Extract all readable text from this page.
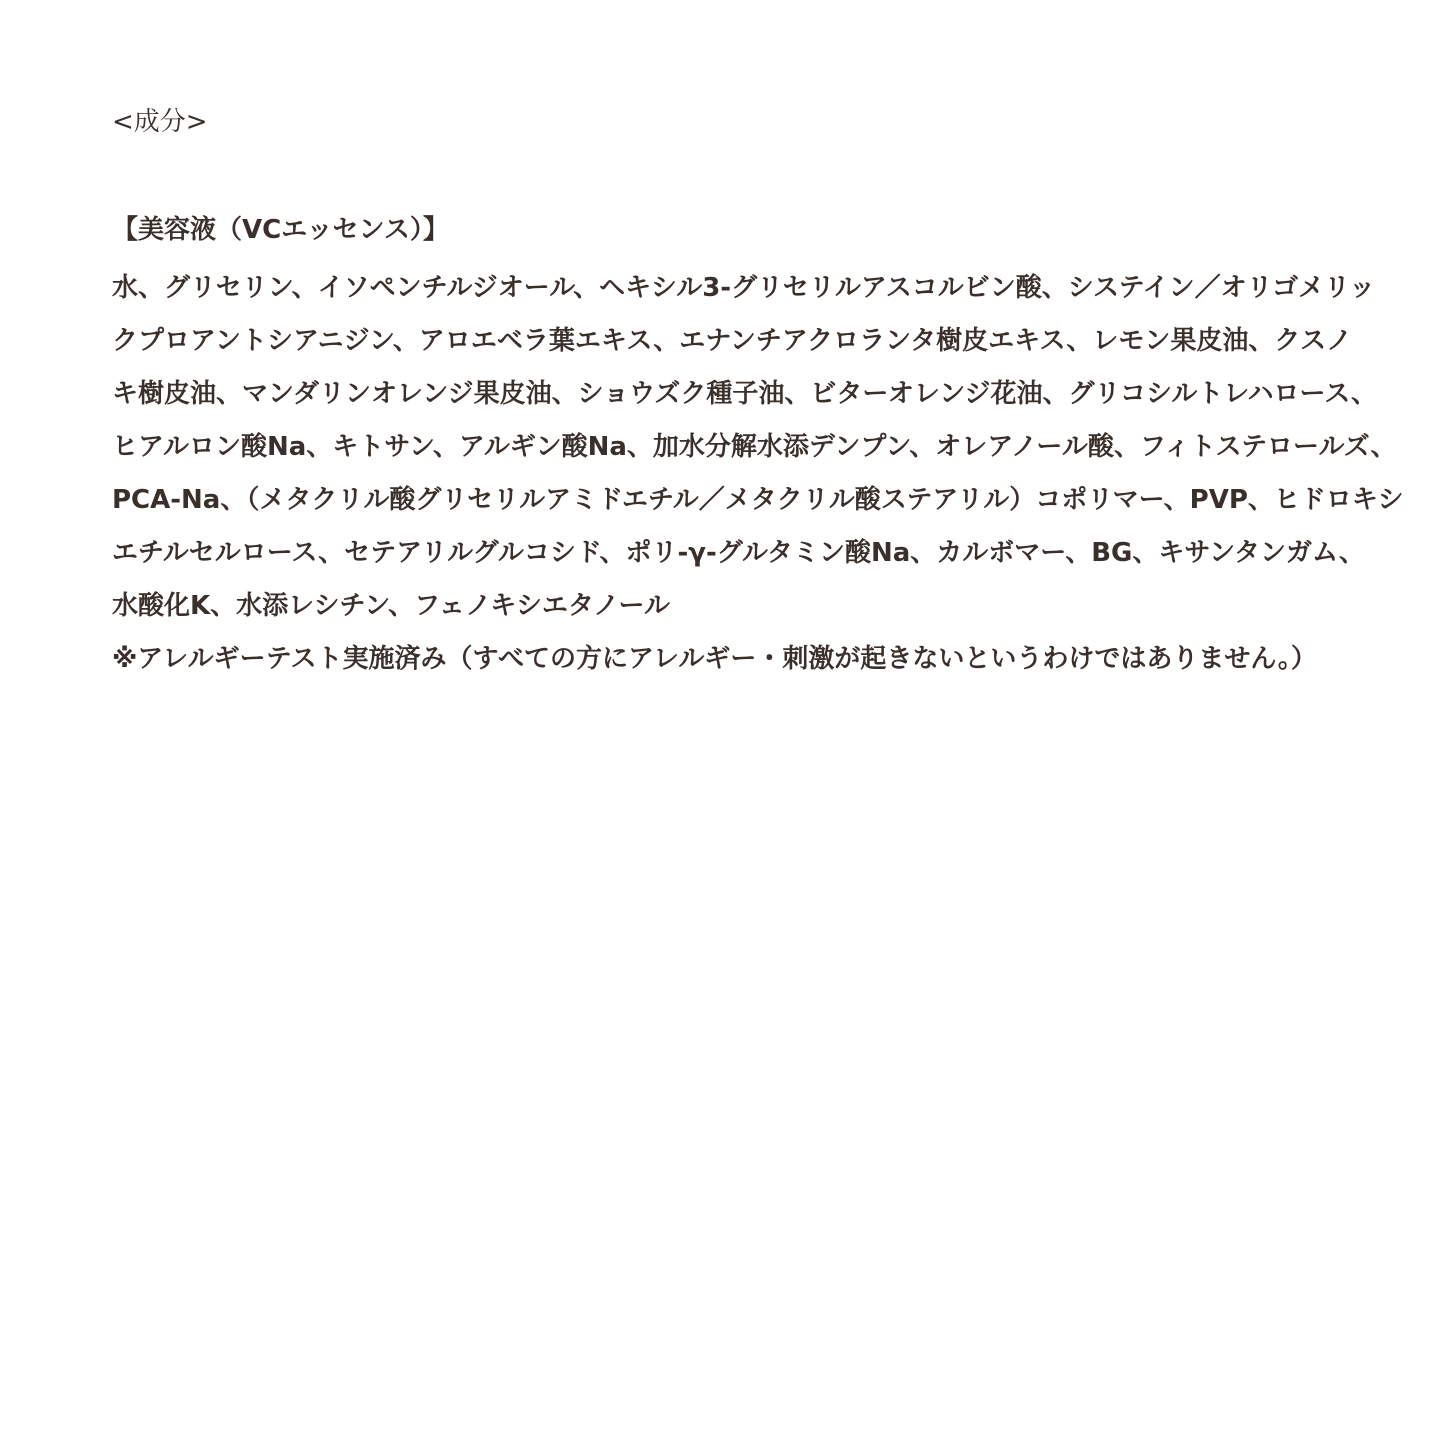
<成分>
【美容液（VCエッセンス）】
水、グリセリン、イソペンチルジオール、ヘキシル3-グリセリルアスコルビン酸、システイン／オリゴメリッ
クプロアントシアニジン、アロエベラ葉エキス、エナンチアクロランタ樹皮エキス、レモン果皮油、クスノ
キ樹皮油、マンダリンオレンジ果皮油、ショウズク種子油、ビターオレンジ花油、グリコシルトレハロース、
ヒアルロン酸Na、キトサン、アルギン酸Na、加水分解水添デンプン、オレアノール酸、フィトステロールズ、
PCA-Na、（メタクリル酸グリセリルアミドエチル／メタクリル酸ステアリル）コポリマー、PVP、ヒドロキシ
エチルセルロース、セテアリルグルコシド、ポリ-γ-グルタミン酸Na、カルボマー、BG、キサンタンガム、
水酸化K、水添レシチン、フェノキシエタノール
※アレルギーテスト実施済み（すべての方にアレルギー・刺激が起きないというわけではありません。）
